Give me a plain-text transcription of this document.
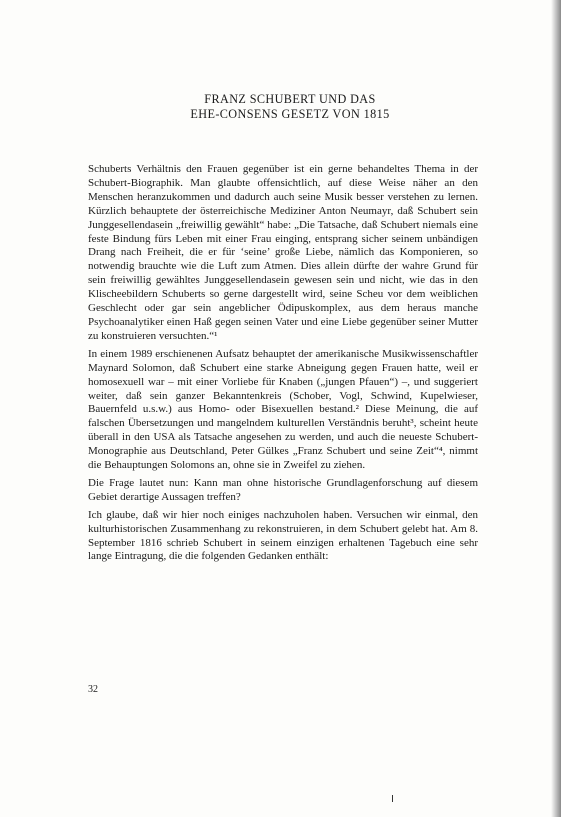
FRANZ SCHUBERT UND DAS
EHE-CONSENS GESETZ VON 1815

Schuberts Verhältnis den Frauen gegenüber ist ein gerne behandeltes Thema in der Schubert-Biographik. Man glaubte offensichtlich, auf diese Weise näher an den Menschen heranzukommen und dadurch auch seine Musik besser verstehen zu lernen. Kürzlich behauptete der österreichische Mediziner Anton Neumayr, daß Schubert sein Junggesellendasein „freiwillig gewählt“ habe: „Die Tatsache, daß Schubert niemals eine feste Bindung fürs Leben mit einer Frau einging, entsprang sicher seinem unbändigen Drang nach Freiheit, die er für ‘seine’ große Liebe, nämlich das Komponieren, so notwendig brauchte wie die Luft zum Atmen. Dies allein dürfte der wahre Grund für sein freiwillig gewähltes Junggesellendasein gewesen sein und nicht, wie das in den Klischeebildern Schuberts so gerne dargestellt wird, seine Scheu vor dem weiblichen Geschlecht oder gar sein angeblicher Ödipuskomplex, aus dem heraus manche Psychoanalytiker einen Haß gegen seinen Vater und eine Liebe gegenüber seiner Mutter zu konstruieren versuchten.“¹

In einem 1989 erschienenen Aufsatz behauptet der amerikanische Musikwissenschaftler Maynard Solomon, daß Schubert eine starke Abneigung gegen Frauen hatte, weil er homosexuell war – mit einer Vorliebe für Knaben („jungen Pfauen“) –, und suggeriert weiter, daß sein ganzer Bekanntenkreis (Schober, Vogl, Schwind, Kupelwieser, Bauernfeld u.s.w.) aus Homo- oder Bisexuellen bestand.² Diese Meinung, die auf falschen Übersetzungen und mangelndem kulturellen Verständnis beruht³, scheint heute überall in den USA als Tatsache angesehen zu werden, und auch die neueste Schubert-Monographie aus Deutschland, Peter Gülkes „Franz Schubert und seine Zeit“⁴, nimmt die Behauptungen Solomons an, ohne sie in Zweifel zu ziehen.

Die Frage lautet nun: Kann man ohne historische Grundlagenforschung auf diesem Gebiet derartige Aussagen treffen?

Ich glaube, daß wir hier noch einiges nachzuholen haben. Versuchen wir einmal, den kulturhistorischen Zusammenhang zu rekonstruieren, in dem Schubert gelebt hat. Am 8. September 1816 schrieb Schubert in seinem einzigen erhaltenen Tagebuch eine sehr lange Eintragung, die die folgenden Gedanken enthält:

32
